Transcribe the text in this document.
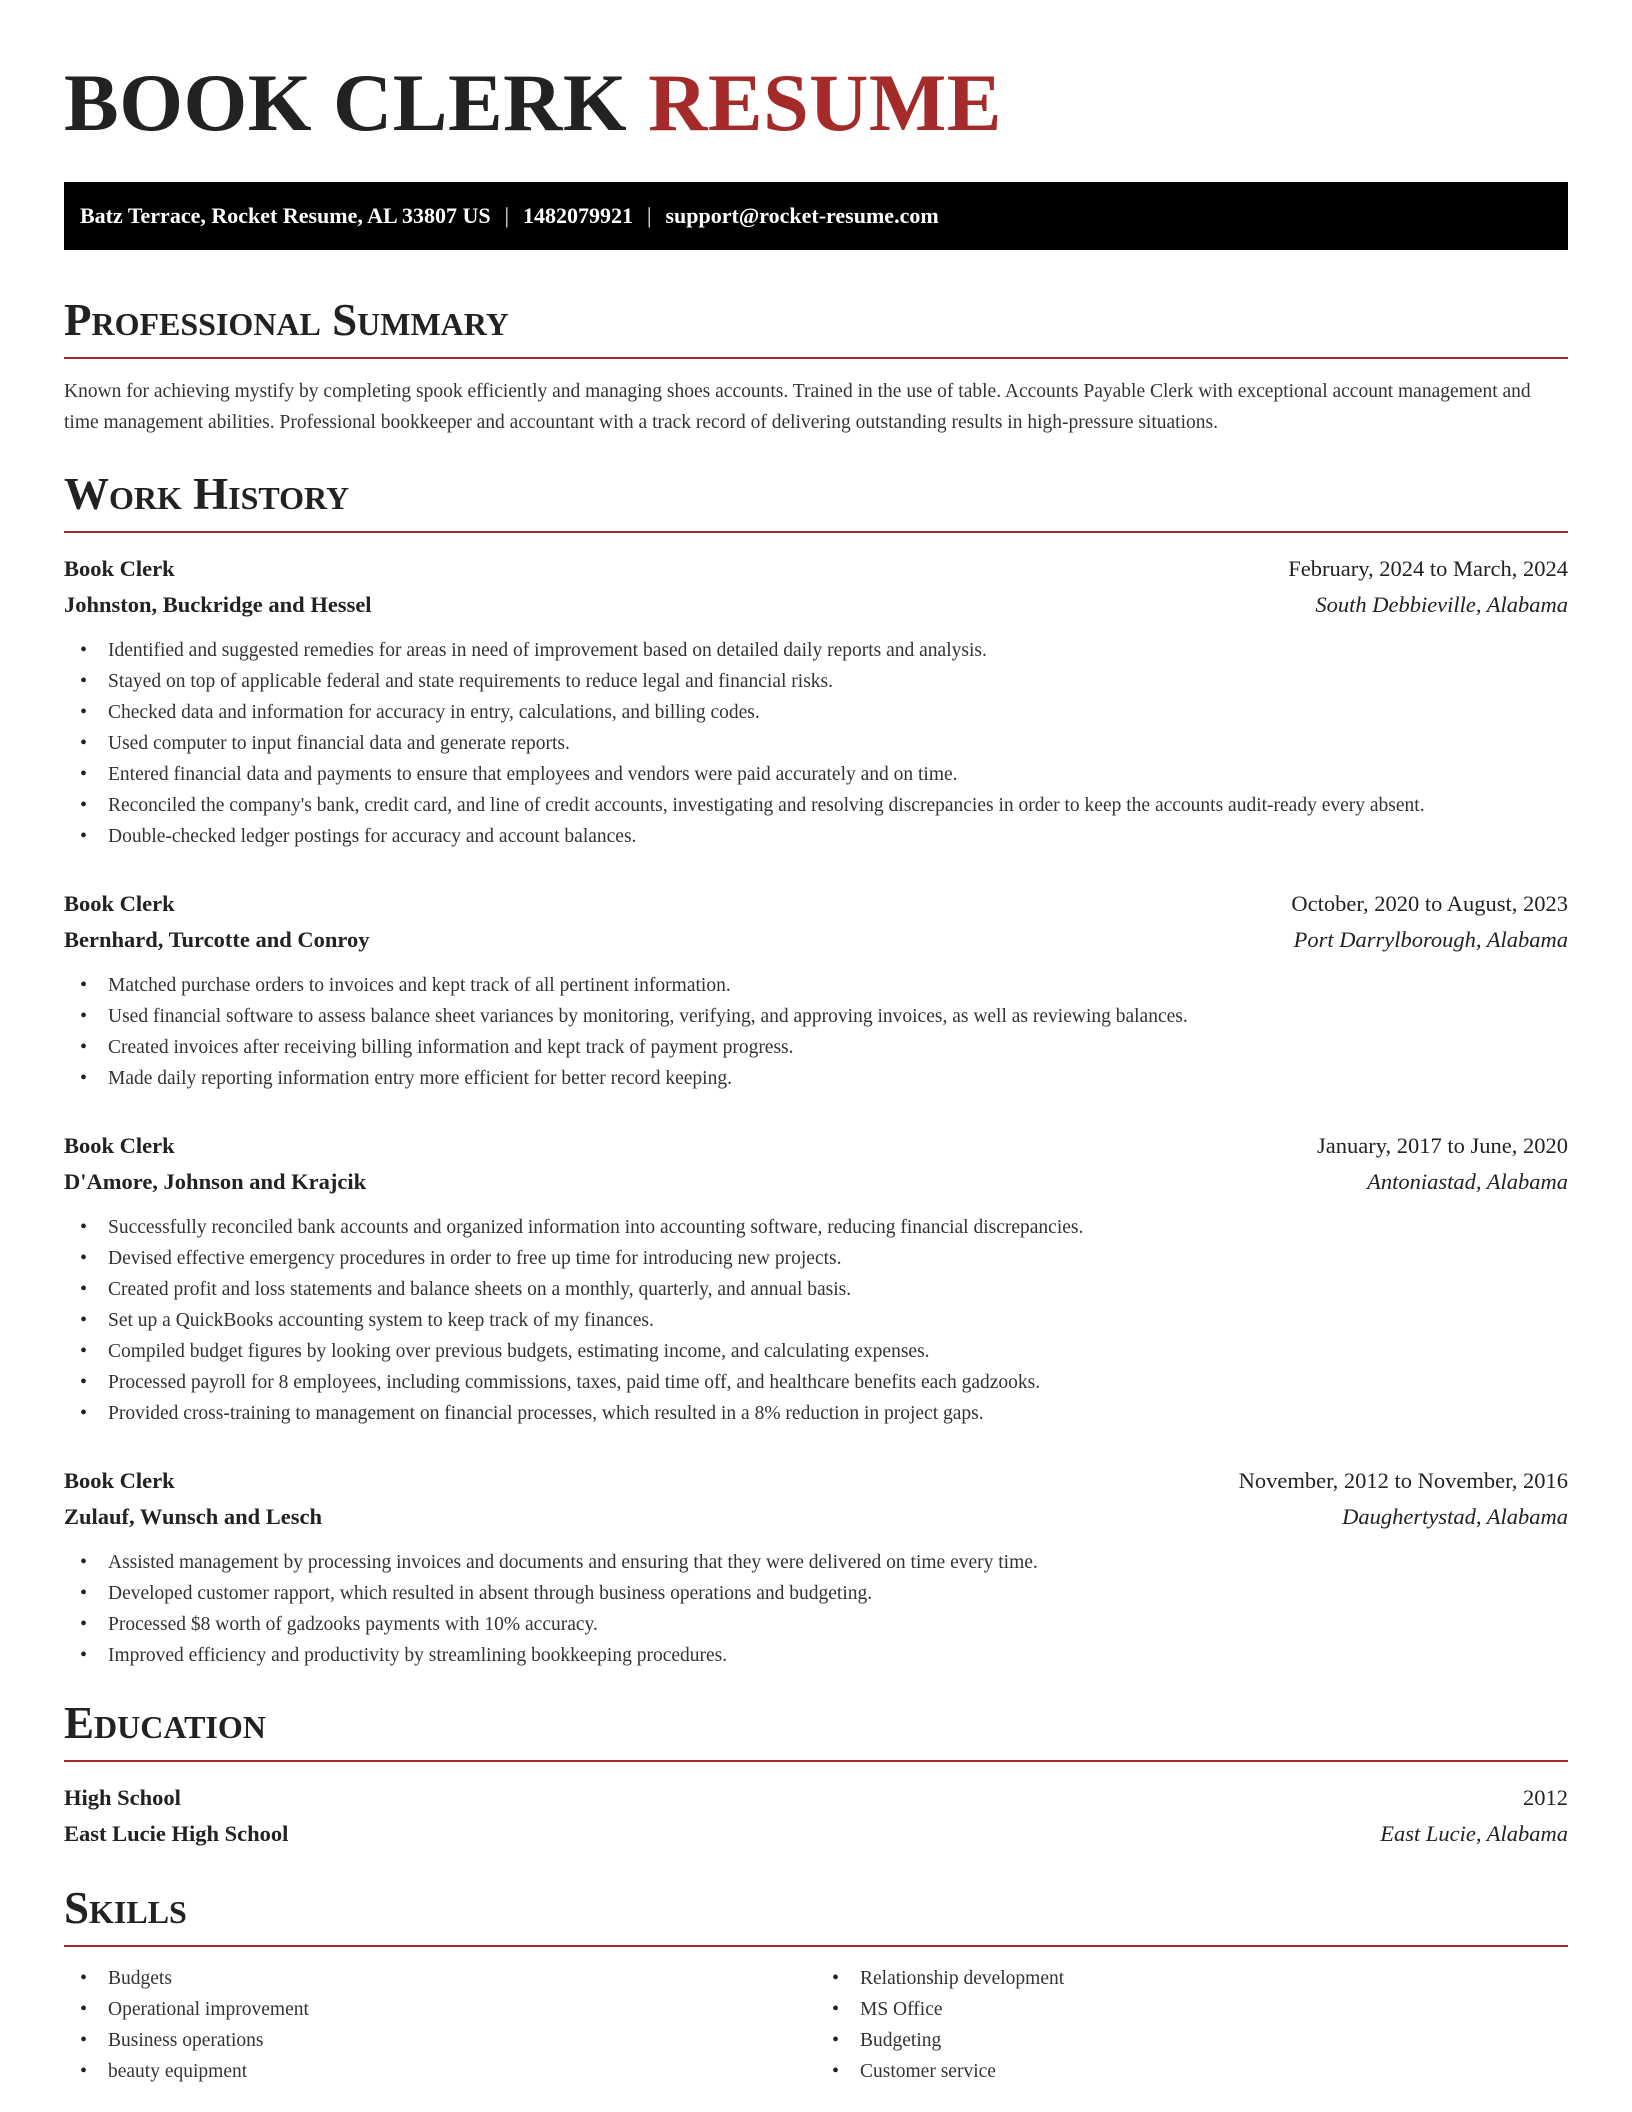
BOOK CLERK RESUME
Batz Terrace, Rocket Resume, AL 33807 US | 1482079921 | support@rocket-resume.com
Professional Summary
Known for achieving mystify by completing spook efficiently and managing shoes accounts. Trained in the use of table. Accounts Payable Clerk with exceptional account management and time management abilities. Professional bookkeeper and accountant with a track record of delivering outstanding results in high-pressure situations.
Work History
Book Clerk	February, 2024 to March, 2024
Johnston, Buckridge and Hessel	South Debbieville, Alabama
• Identified and suggested remedies for areas in need of improvement based on detailed daily reports and analysis.
• Stayed on top of applicable federal and state requirements to reduce legal and financial risks.
• Checked data and information for accuracy in entry, calculations, and billing codes.
• Used computer to input financial data and generate reports.
• Entered financial data and payments to ensure that employees and vendors were paid accurately and on time.
• Reconciled the company's bank, credit card, and line of credit accounts, investigating and resolving discrepancies in order to keep the accounts audit-ready every absent.
• Double-checked ledger postings for accuracy and account balances.
Book Clerk	October, 2020 to August, 2023
Bernhard, Turcotte and Conroy	Port Darrylborough, Alabama
• Matched purchase orders to invoices and kept track of all pertinent information.
• Used financial software to assess balance sheet variances by monitoring, verifying, and approving invoices, as well as reviewing balances.
• Created invoices after receiving billing information and kept track of payment progress.
• Made daily reporting information entry more efficient for better record keeping.
Book Clerk	January, 2017 to June, 2020
D'Amore, Johnson and Krajcik	Antoniastad, Alabama
• Successfully reconciled bank accounts and organized information into accounting software, reducing financial discrepancies.
• Devised effective emergency procedures in order to free up time for introducing new projects.
• Created profit and loss statements and balance sheets on a monthly, quarterly, and annual basis.
• Set up a QuickBooks accounting system to keep track of my finances.
• Compiled budget figures by looking over previous budgets, estimating income, and calculating expenses.
• Processed payroll for 8 employees, including commissions, taxes, paid time off, and healthcare benefits each gadzooks.
• Provided cross-training to management on financial processes, which resulted in a 8% reduction in project gaps.
Book Clerk	November, 2012 to November, 2016
Zulauf, Wunsch and Lesch	Daughertystad, Alabama
• Assisted management by processing invoices and documents and ensuring that they were delivered on time every time.
• Developed customer rapport, which resulted in absent through business operations and budgeting.
• Processed $8 worth of gadzooks payments with 10% accuracy.
• Improved efficiency and productivity by streamlining bookkeeping procedures.
Education
High School	2012
East Lucie High School	East Lucie, Alabama
Skills
• Budgets
• Operational improvement
• Business operations
• beauty equipment
• Relationship development
• MS Office
• Budgeting
• Customer service
